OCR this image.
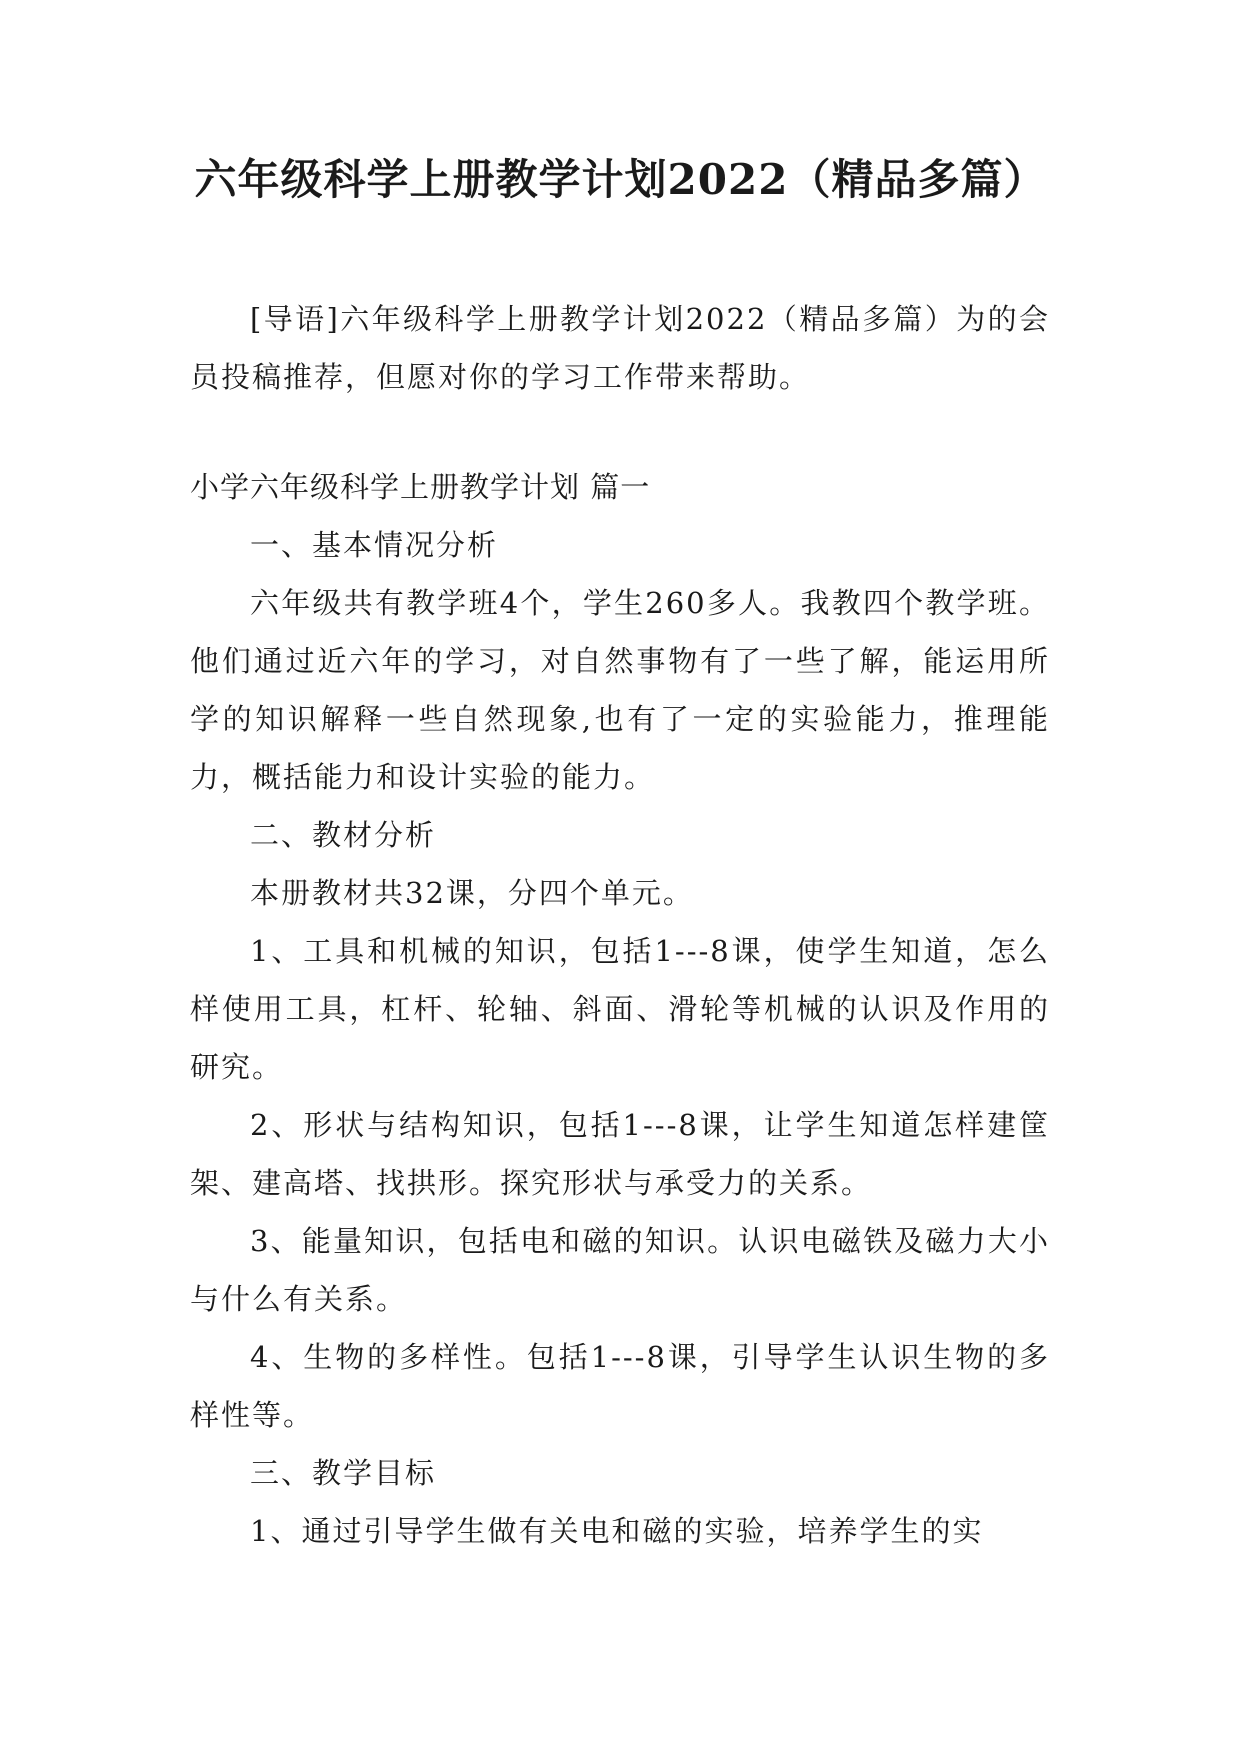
六年级科学上册教学计划2022（精品多篇）

[导语]六年级科学上册教学计划2022（精品多篇）为的会员投稿推荐，但愿对你的学习工作带来帮助。

小学六年级科学上册教学计划 篇一

一、基本情况分析

六年级共有教学班4个，学生260多人。我教四个教学班。他们通过近六年的学习，对自然事物有了一些了解，能运用所学的知识解释一些自然现象,也有了一定的实验能力，推理能力，概括能力和设计实验的能力。

二、教材分析

本册教材共32课，分四个单元。

1、工具和机械的知识，包括1---8课，使学生知道，怎么样使用工具，杠杆、轮轴、斜面、滑轮等机械的认识及作用的研究。

2、形状与结构知识，包括1---8课，让学生知道怎样建筐架、建高塔、找拱形。探究形状与承受力的关系。

3、能量知识，包括电和磁的知识。认识电磁铁及磁力大小与什么有关系。

4、生物的多样性。包括1---8课，引导学生认识生物的多样性等。

三、教学目标

1、通过引导学生做有关电和磁的实验，培养学生的实
